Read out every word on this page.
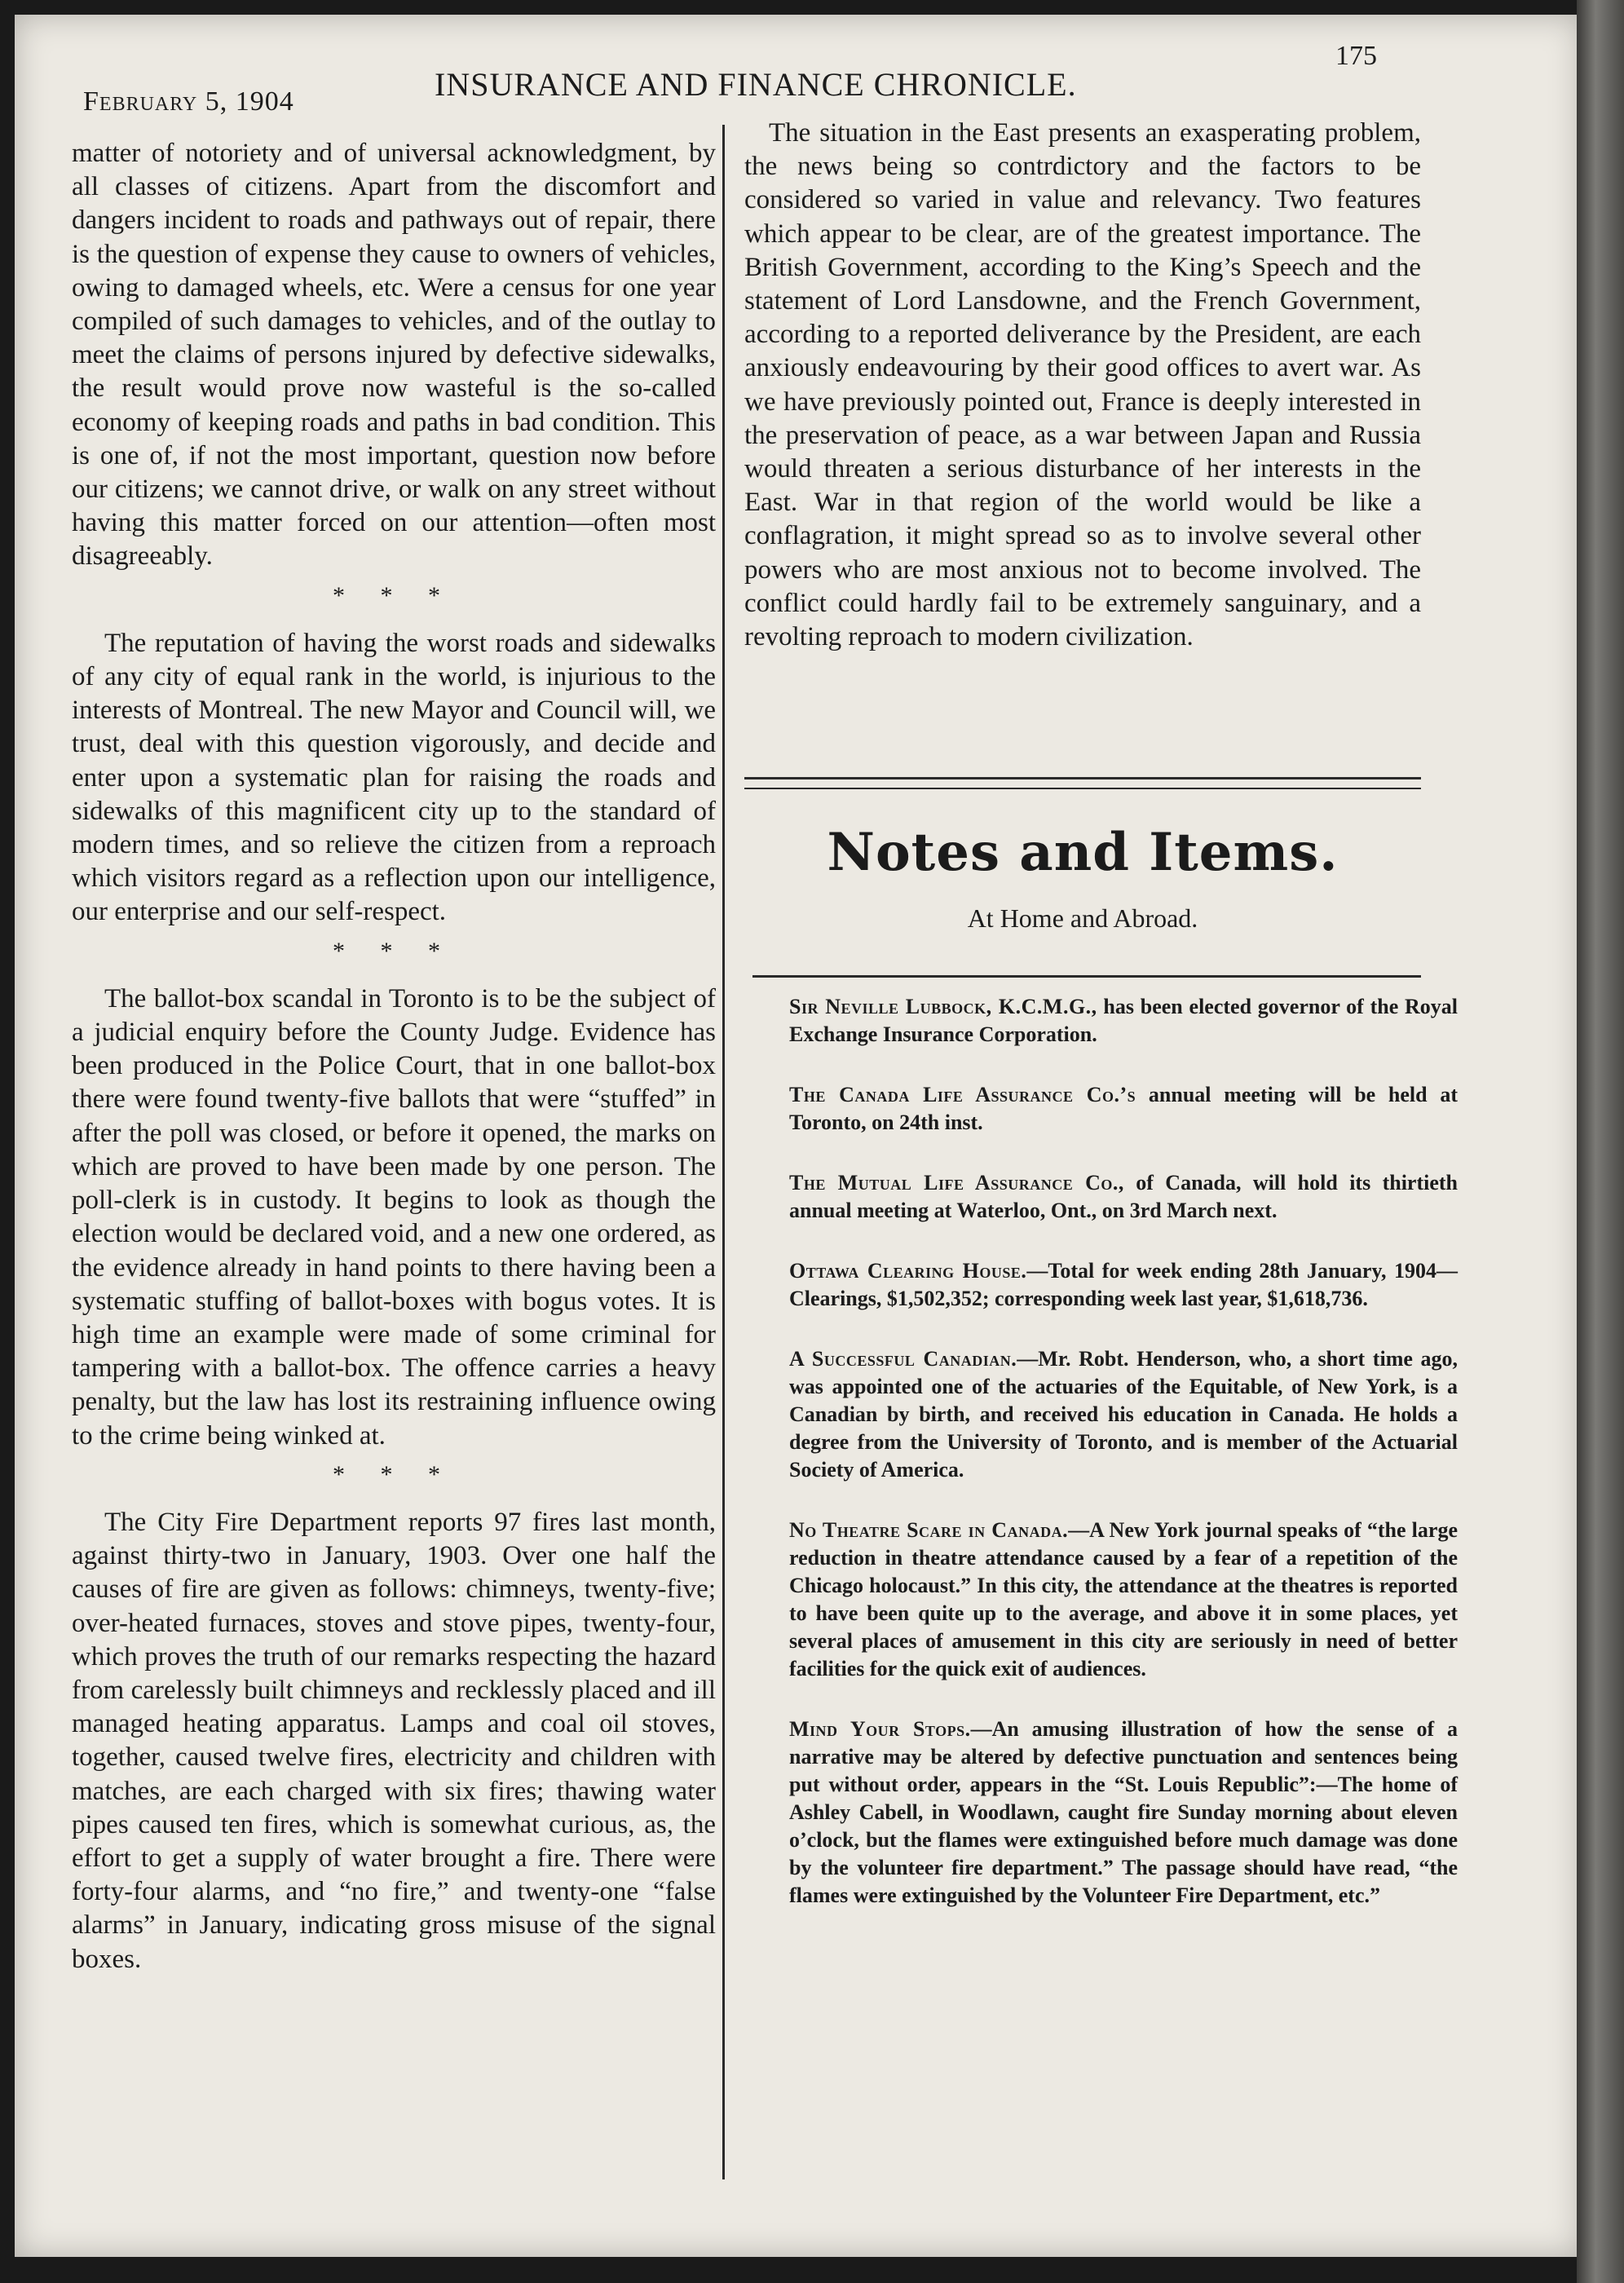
February 5, 1904	INSURANCE AND FINANCE CHRONICLE.
175

matter of notoriety and of universal acknowledgment, by all classes of citizens. Apart from the discomfort and dangers incident to roads and pathways out of repair, there is the question of expense they cause to owners of vehicles, owing to damaged wheels, etc. Were a census for one year compiled of such damages to vehicles, and of the outlay to meet the claims of persons injured by defective sidewalks, the result would prove now wasteful is the so-called economy of keeping roads and paths in bad condition. This is one of, if not the most important, question now before our citizens; we cannot drive, or walk on any street without having this matter forced on our attention—often most disagreeably.

* * *

The reputation of having the worst roads and sidewalks of any city of equal rank in the world, is injurious to the interests of Montreal. The new Mayor and Council will, we trust, deal with this question vigorously, and decide and enter upon a systematic plan for raising the roads and sidewalks of this magnificent city up to the standard of modern times, and so relieve the citizen from a reproach which visitors regard as a reflection upon our intelligence, our enterprise and our self-respect.

* * *

The ballot-box scandal in Toronto is to be the subject of a judicial enquiry before the County Judge. Evidence has been produced in the Police Court, that in one ballot-box there were found twenty-five ballots that were “stuffed” in after the poll was closed, or before it opened, the marks on which are proved to have been made by one person. The poll-clerk is in custody. It begins to look as though the election would be declared void, and a new one ordered, as the evidence already in hand points to there having been a systematic stuffing of ballot-boxes with bogus votes. It is high time an example were made of some criminal for tampering with a ballot-box. The offence carries a heavy penalty, but the law has lost its restraining influence owing to the crime being winked at.

* * *

The City Fire Department reports 97 fires last month, against thirty-two in January, 1903. Over one half the causes of fire are given as follows: chimneys, twenty-five; over-heated furnaces, stoves and stove pipes, twenty-four, which proves the truth of our remarks respecting the hazard from carelessly built chimneys and recklessly placed and ill managed heating apparatus. Lamps and coal oil stoves, together, caused twelve fires, electricity and children with matches, are each charged with six fires; thawing water pipes caused ten fires, which is somewhat curious, as, the effort to get a supply of water brought a fire. There were forty-four alarms, and “no fire,” and twenty-one “false alarms” in January, indicating gross misuse of the signal boxes.

The situation in the East presents an exasperating problem, the news being so contrdictory and the factors to be considered so varied in value and relevancy. Two features which appear to be clear, are of the greatest importance. The British Government, according to the King’s Speech and the statement of Lord Lansdowne, and the French Government, according to a reported deliverance by the President, are each anxiously endeavouring by their good offices to avert war. As we have previously pointed out, France is deeply interested in the preservation of peace, as a war between Japan and Russia would threaten a serious disturbance of her interests in the East. War in that region of the world would be like a conflagration, it might spread so as to involve several other powers who are most anxious not to become involved. The conflict could hardly fail to be extremely sanguinary, and a revolting reproach to modern civilization.

Notes and Items.
At Home and Abroad.
Sir Neville Lubbock, K.C.M.G., has been elected governor of the Royal Exchange Insurance Corporation.
The Canada Life Assurance Co.’s annual meeting will be held at Toronto, on 24th inst.
The Mutual Life Assurance Co., of Canada, will hold its thirtieth annual meeting at Waterloo, Ont., on 3rd March next.
Ottawa Clearing House.—Total for week ending 28th January, 1904—Clearings, $1,502,352; corresponding week last year, $1,618,736.
A Successful Canadian.—Mr. Robt. Henderson, who, a short time ago, was appointed one of the actuaries of the Equitable, of New York, is a Canadian by birth, and received his education in Canada. He holds a degree from the University of Toronto, and is member of the Actuarial Society of America.
No Theatre Scare in Canada.—A New York journal speaks of “the large reduction in theatre attendance caused by a fear of a repetition of the Chicago holocaust.” In this city, the attendance at the theatres is reported to have been quite up to the average, and above it in some places, yet several places of amusement in this city are seriously in need of better facilities for the quick exit of audiences.
Mind Your Stops.—An amusing illustration of how the sense of a narrative may be altered by defective punctuation and sentences being put without order, appears in the “St. Louis Republic”:—The home of Ashley Cabell, in Woodlawn, caught fire Sunday morning about eleven o’clock, but the flames were extinguished before much damage was done by the volunteer fire department.” The passage should have read, “the flames were extinguished by the Volunteer Fire Department, etc.”
